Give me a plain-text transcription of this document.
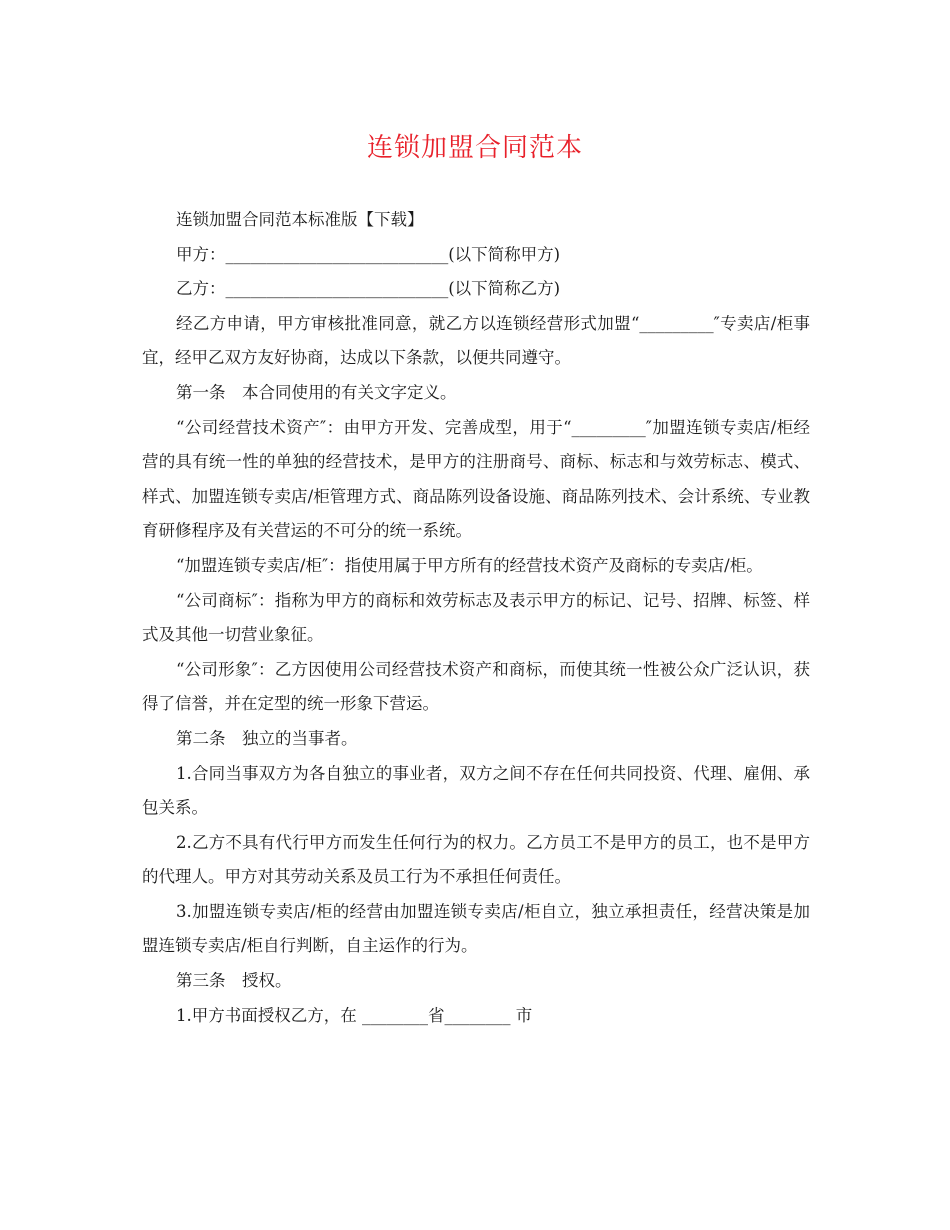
连锁加盟合同范本

连锁加盟合同范本标准版【下载】

甲方：___________________________(以下简称甲方)

乙方：___________________________(以下简称乙方)

经乙方申请，甲方审核批准同意，就乙方以连锁经营形式加盟“_________″专卖店/柜事宜，经甲乙双方友好协商，达成以下条款，以便共同遵守。

第一条　本合同使用的有关文字定义。

“公司经营技术资产″：由甲方开发、完善成型，用于“_________″加盟连锁专卖店/柜经营的具有统一性的单独的经营技术，是甲方的注册商号、商标、标志和与效劳标志、模式、样式、加盟连锁专卖店/柜管理方式、商品陈列设备设施、商品陈列技术、会计系统、专业教育研修程序及有关营运的不可分的统一系统。

“加盟连锁专卖店/柜″：指使用属于甲方所有的经营技术资产及商标的专卖店/柜。

“公司商标″：指称为甲方的商标和效劳标志及表示甲方的标记、记号、招牌、标签、样式及其他一切营业象征。

“公司形象″：乙方因使用公司经营技术资产和商标，而使其统一性被公众广泛认识，获得了信誉，并在定型的统一形象下营运。

第二条　独立的当事者。

1.合同当事双方为各自独立的事业者，双方之间不存在任何共同投资、代理、雇佣、承包关系。

2.乙方不具有代行甲方而发生任何行为的权力。乙方员工不是甲方的员工，也不是甲方的代理人。甲方对其劳动关系及员工行为不承担任何责任。

3.加盟连锁专卖店/柜的经营由加盟连锁专卖店/柜自立，独立承担责任，经营决策是加盟连锁专卖店/柜自行判断，自主运作的行为。

第三条　授权。

1.甲方书面授权乙方，在 ________省________ 市
